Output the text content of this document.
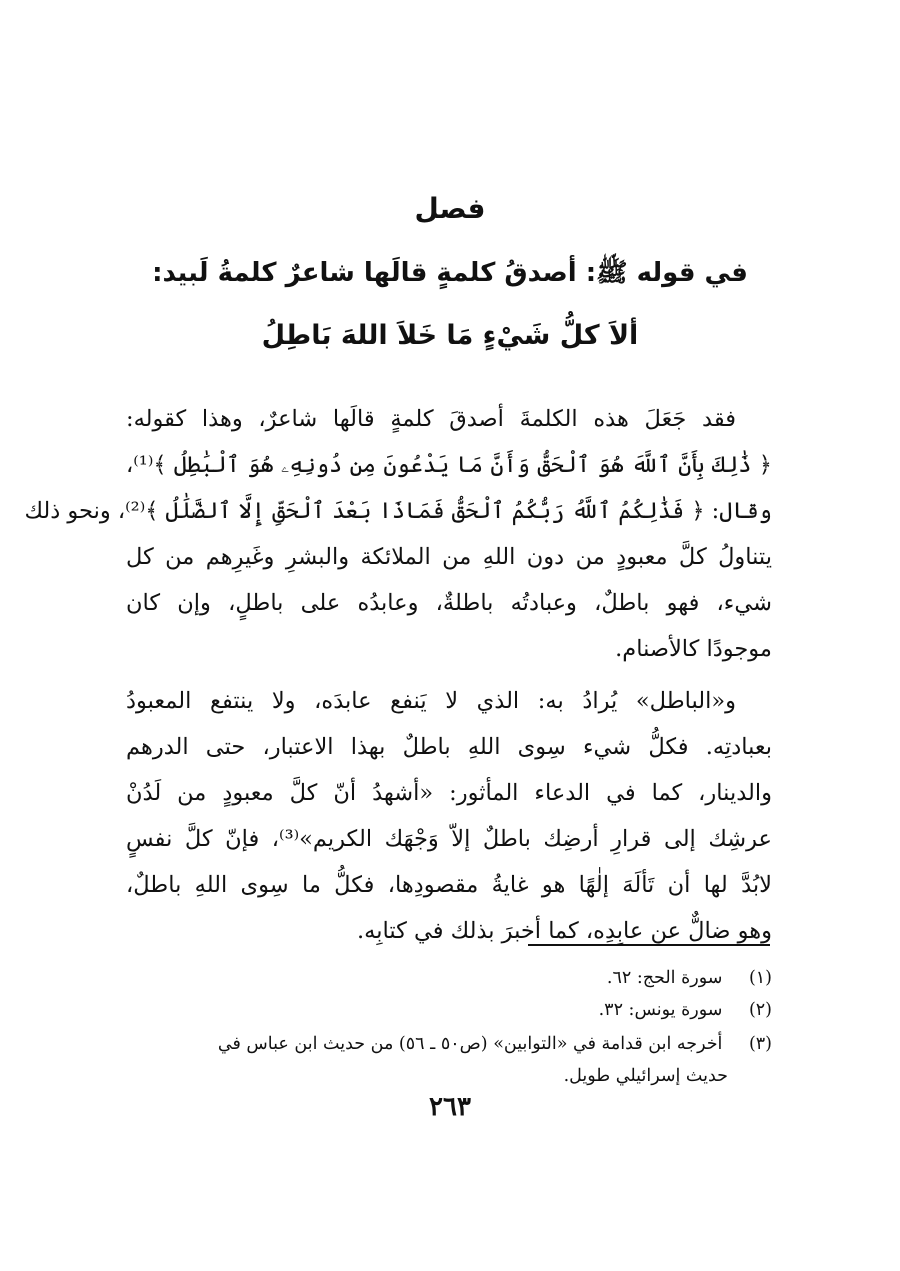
فصل
في قوله ﷺ: أصدقُ كلمةٍ قالَها شاعرٌ كلمةُ لَبيد:
ألاَ كلُّ شَيْءٍ مَا خَلاَ اللهَ بَاطِلُ
فقد جَعَلَ هذه الكلمةَ أصدقَ كلمةٍ قالَها شاعرٌ، وهذا كقوله:
﴿ ذَٰلِكَ بِأَنَّ ٱللَّهَ هُوَ ٱلْحَقُّ وَأَنَّ مَا يَدْعُونَ مِن دُونِهِۦ هُوَ ٱلْبَٰطِلُ ﴾⁽¹⁾،
وقال: ﴿ فَذَٰلِكُمُ ٱللَّهُ رَبُّكُمُ ٱلْحَقُّ فَمَاذَا بَعْدَ ٱلْحَقِّ إِلَّا ٱلضَّلَٰلُ ﴾⁽²⁾، ونحو ذلك
يتناولُ كلَّ معبودٍ من دون اللهِ من الملائكة والبشرِ وغَيرِهم من كل
شيء، فهو باطلٌ، وعبادتُه باطلةٌ، وعابدُه على باطلٍ، وإن كان
موجودًا كالأصنام.
و«الباطل» يُرادُ به: الذي لا يَنفع عابدَه، ولا ينتفع المعبودُ
بعبادتِه. فكلُّ شيء سِوى اللهِ باطلٌ بهذا الاعتبار، حتى الدرهم
والدينار، كما في الدعاء المأثور: «أشهدُ أنّ كلَّ معبودٍ من لَدُنْ
عرشِك إلى قرارِ أرضِك باطلٌ إلاّ وَجْهَك الكريم»⁽³⁾، فإنّ كلَّ نفسٍ
لابُدَّ لها أن تَألَهَ إلٰهًا هو غايةُ مقصودِها، فكلُّ ما سِوى اللهِ باطلٌ،
وهو ضالٌّ عن عابِدِه، كما أخبرَ بذلك في كتابِه.
(١) سورة الحج: ٦٢.
(٢) سورة يونس: ٣٢.
(٣) أخرجه ابن قدامة في «التوابين» (ص٥٠ ـ ٥٦) من حديث ابن عباس في
حديث إسرائيلي طويل.
٢٦٣
